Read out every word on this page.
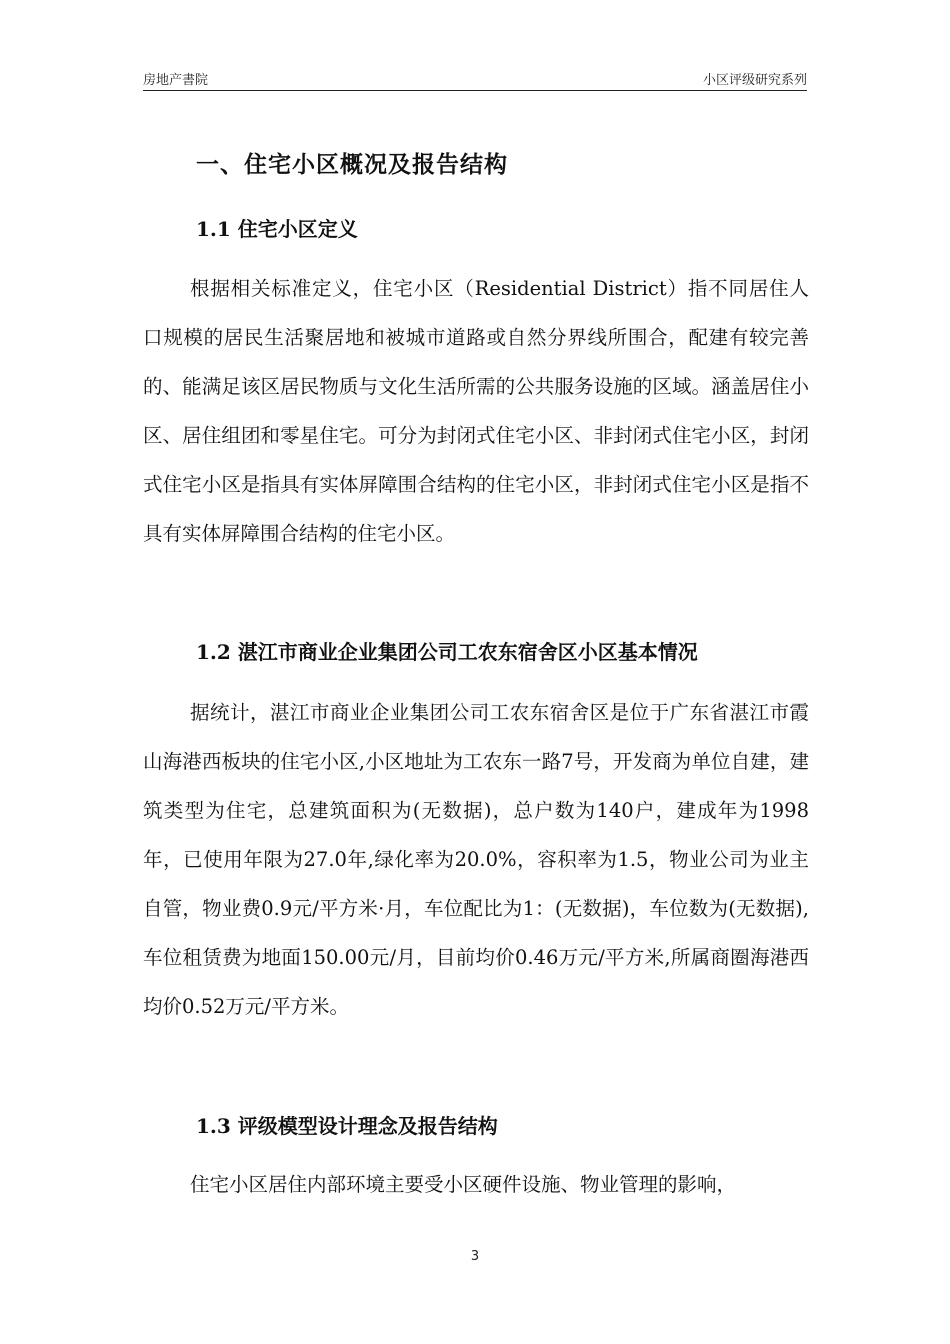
房地产書院	小区评级研究系列
一、住宅小区概况及报告结构
1.1 住宅小区定义

根据相关标准定义，住宅小区（Residential District）指不同居住人口规模的居民生活聚居地和被城市道路或自然分界线所围合，配建有较完善的、能满足该区居民物质与文化生活所需的公共服务设施的区域。涵盖居住小区、居住组团和零星住宅。可分为封闭式住宅小区、非封闭式住宅小区，封闭式住宅小区是指具有实体屏障围合结构的住宅小区，非封闭式住宅小区是指不具有实体屏障围合结构的住宅小区。

1.2 湛江市商业企业集团公司工农东宿舍区小区基本情况

据统计，湛江市商业企业集团公司工农东宿舍区是位于广东省湛江市霞山海港西板块的住宅小区,小区地址为工农东一路7号，开发商为单位自建，建筑类型为住宅，总建筑面积为(无数据)，总户数为140户，建成年为1998年，已使用年限为27.0年,绿化率为20.0%，容积率为1.5，物业公司为业主自管，物业费0.9元/平方米·月，车位配比为1：(无数据)，车位数为(无数据),车位租赁费为地面150.00元/月，目前均价0.46万元/平方米,所属商圈海港西均价0.52万元/平方米。

1.3 评级模型设计理念及报告结构

住宅小区居住内部环境主要受小区硬件设施、物业管理的影响，

3
